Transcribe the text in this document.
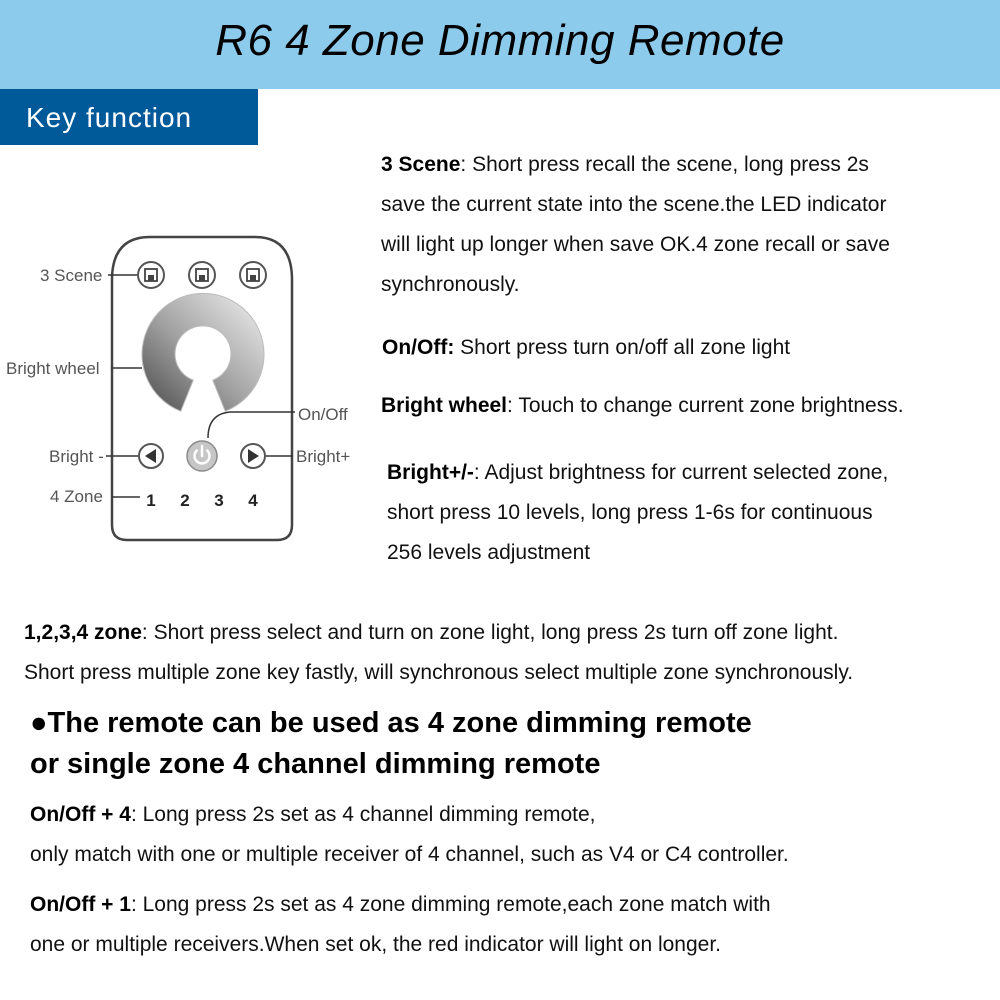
R6 4 Zone Dimming Remote
Key function
1 2 3 4
3 Scene
Bright wheel
On/Off
Bright -	Bright+
4 Zone
3 Scene: Short press recall the scene, long press 2s
save the current state into the scene.the LED indicator
will light up longer when save OK.4 zone recall or save
synchronously.
On/Off: Short press turn on/off all zone light
Bright wheel: Touch to change current zone brightness.
Bright+/-: Adjust brightness for current selected zone,
short press 10 levels, long press 1-6s for continuous
256 levels adjustment
1,2,3,4 zone: Short press select and turn on zone light, long press 2s turn off zone light.
Short press multiple zone key fastly, will synchronous select multiple zone synchronously.
●The remote can be used as 4 zone dimming remote
or single zone 4 channel dimming remote
On/Off + 4: Long press 2s set as 4 channel dimming remote,
only match with one or multiple receiver of 4 channel, such as V4 or C4 controller.
On/Off + 1: Long press 2s set as 4 zone dimming remote,each zone match with
one or multiple receivers.When set ok, the red indicator will light on longer.
